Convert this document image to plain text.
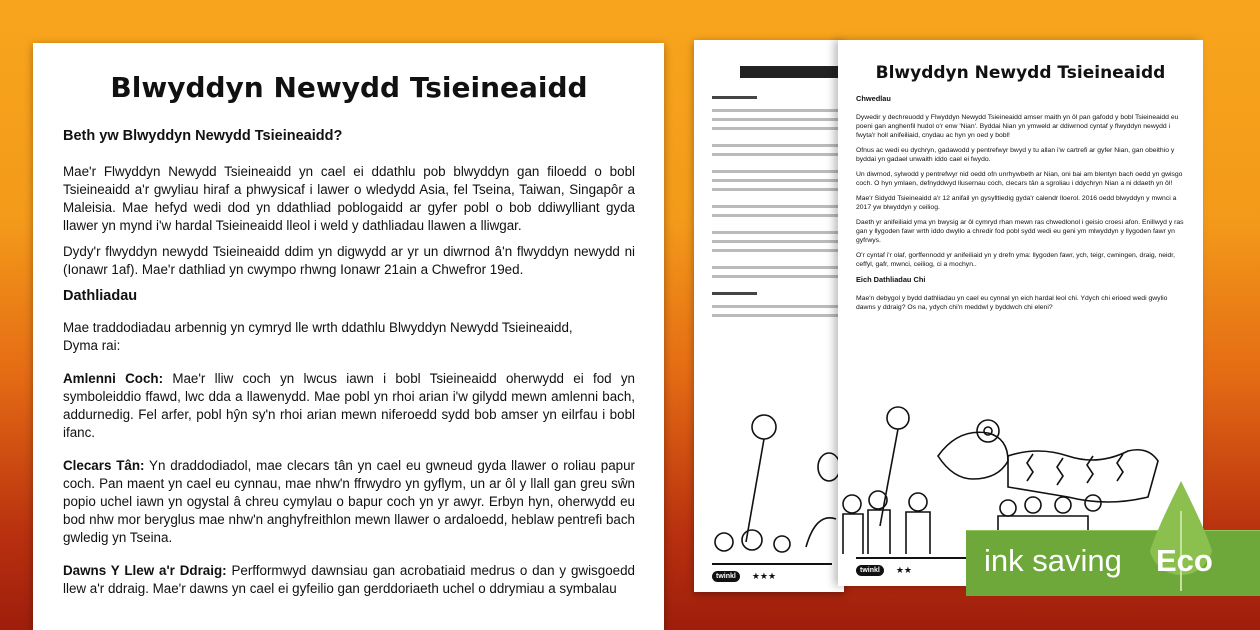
Blwyddyn Newydd Tsieineaidd
Beth yw Blwyddyn Newydd Tsieineaidd?

Mae'r Flwyddyn Newydd Tsieineaidd yn cael ei ddathlu pob blwyddyn gan filoedd o bobl Tsieineaidd a'r gwyliau hiraf a phwysicaf i lawer o wledydd Asia, fel Tseina, Taiwan, Singapôr a Maleisia. Mae hefyd wedi dod yn ddathliad poblogaidd ar gyfer pobl o bob ddiwylliant gyda llawer yn mynd i'w hardal Tsieineaidd lleol i weld y dathliadau llawen a lliwgar.

Dydy'r flwyddyn newydd Tsieineaidd ddim yn digwydd ar yr un diwrnod â'n flwyddyn newydd ni (Ionawr 1af). Mae'r dathliad yn cwympo rhwng Ionawr 21ain a Chwefror 19ed.

Dathliadau

Mae traddodiadau arbennig yn cymryd lle wrth ddathlu Blwyddyn Newydd Tsieineaidd, Dyma rai:

Amlenni Coch: Mae'r lliw coch yn lwcus iawn i bobl Tsieineaidd oherwydd ei fod yn symboleiddio ffawd, lwc dda a llawenydd. Mae pobl yn rhoi arian i'w gilydd mewn amlenni bach, addurnedig. Fel arfer, pobl hŷn sy'n rhoi arian mewn niferoedd sydd bob amser yn eilrfau i bobl ifanc.

Clecars Tân: Yn draddodiadol, mae clecars tân yn cael eu gwneud gyda llawer o roliau papur coch. Pan maent yn cael eu cynnau, mae nhw'n ffrwydro yn gyflym, un ar ôl y llall gan greu sŵn popio uchel iawn yn ogystal â chreu cymylau o bapur coch yn yr awyr. Erbyn hyn, oherwydd eu bod nhw mor beryglus mae nhw'n anghyfreithlon mewn llawer o ardaloedd, heblaw pentrefi bach gwledig yn Tseina.

Dawns Y Llew a'r Ddraig: Perfformwyd dawnsiau gan acrobatiaid medrus o dan y gwisgoedd llew a'r ddraig. Mae'r dawns yn cael ei gyfeilio gan gerddoriaeth uchel o ddrymiau a symbalau

twinkl	★★★
Blwyddyn Newydd Tsieineaidd
Chwedlau

Dywedir y dechreuodd y Flwyddyn Newydd Tsieineaidd amser maith yn ôl pan gafodd y bobl Tsieineaidd eu poeni gan anghenfil hudol o'r enw 'Nian'. Byddai Nian yn ymweld ar ddiwrnod cyntaf y flwyddyn newydd i fwyta'r holl anifeiliaid, cnydau ac hyn yn oed y bobl!

Ofnus ac wedi eu dychryn, gadawodd y pentrefwyr bwyd y tu allan i'w cartrefi ar gyfer Nian, gan obeithio y byddai yn gadael unwaith iddo cael ei fwydo.

Un diwrnod, sylwodd y pentrefwyr nid oedd ofn unrhywbeth ar Nian, oni bai am blentyn bach oedd yn gwisgo coch. O hyn ymlaen, defnyddwyd llusernau coch, clecars tân a sgroliau i ddychryn Nian a ni ddaeth yn ôl!

Mae'r Sidydd Tsieineaidd a'r 12 anifail yn gysylltiedig gyda'r calendr lloerol. 2016 oedd blwyddyn y mwnci a 2017 yw blwyddyn y ceiliog.

Daeth yr anifeiliaid yma yn bwysig ar ôl cymryd rhan mewn ras chwedlonol i geisio croesi afon. Enillwyd y ras gan y llygoden fawr wrth iddo dwyllo a chredir fod pobl sydd wedi eu geni ym mlwyddyn y llygoden fawr yn gyfrwys.

O'r cyntaf i'r olaf, gorffennodd yr anifeiliaid yn y drefn yma: llygoden fawr, ych, teigr, cwningen, draig, neidr, ceffyl, gafr, mwnci, ceiliog, ci a mochyn..

Eich Dathliadau Chi

Mae'n debygol y bydd dathliadau yn cael eu cynnal yn eich hardal leol chi. Ydych chi erioed wedi gwylio dawns y ddraig? Os na, ydych chi'n meddwl y byddwch chi eleni?

twinkl	★★ ink saving Eco
